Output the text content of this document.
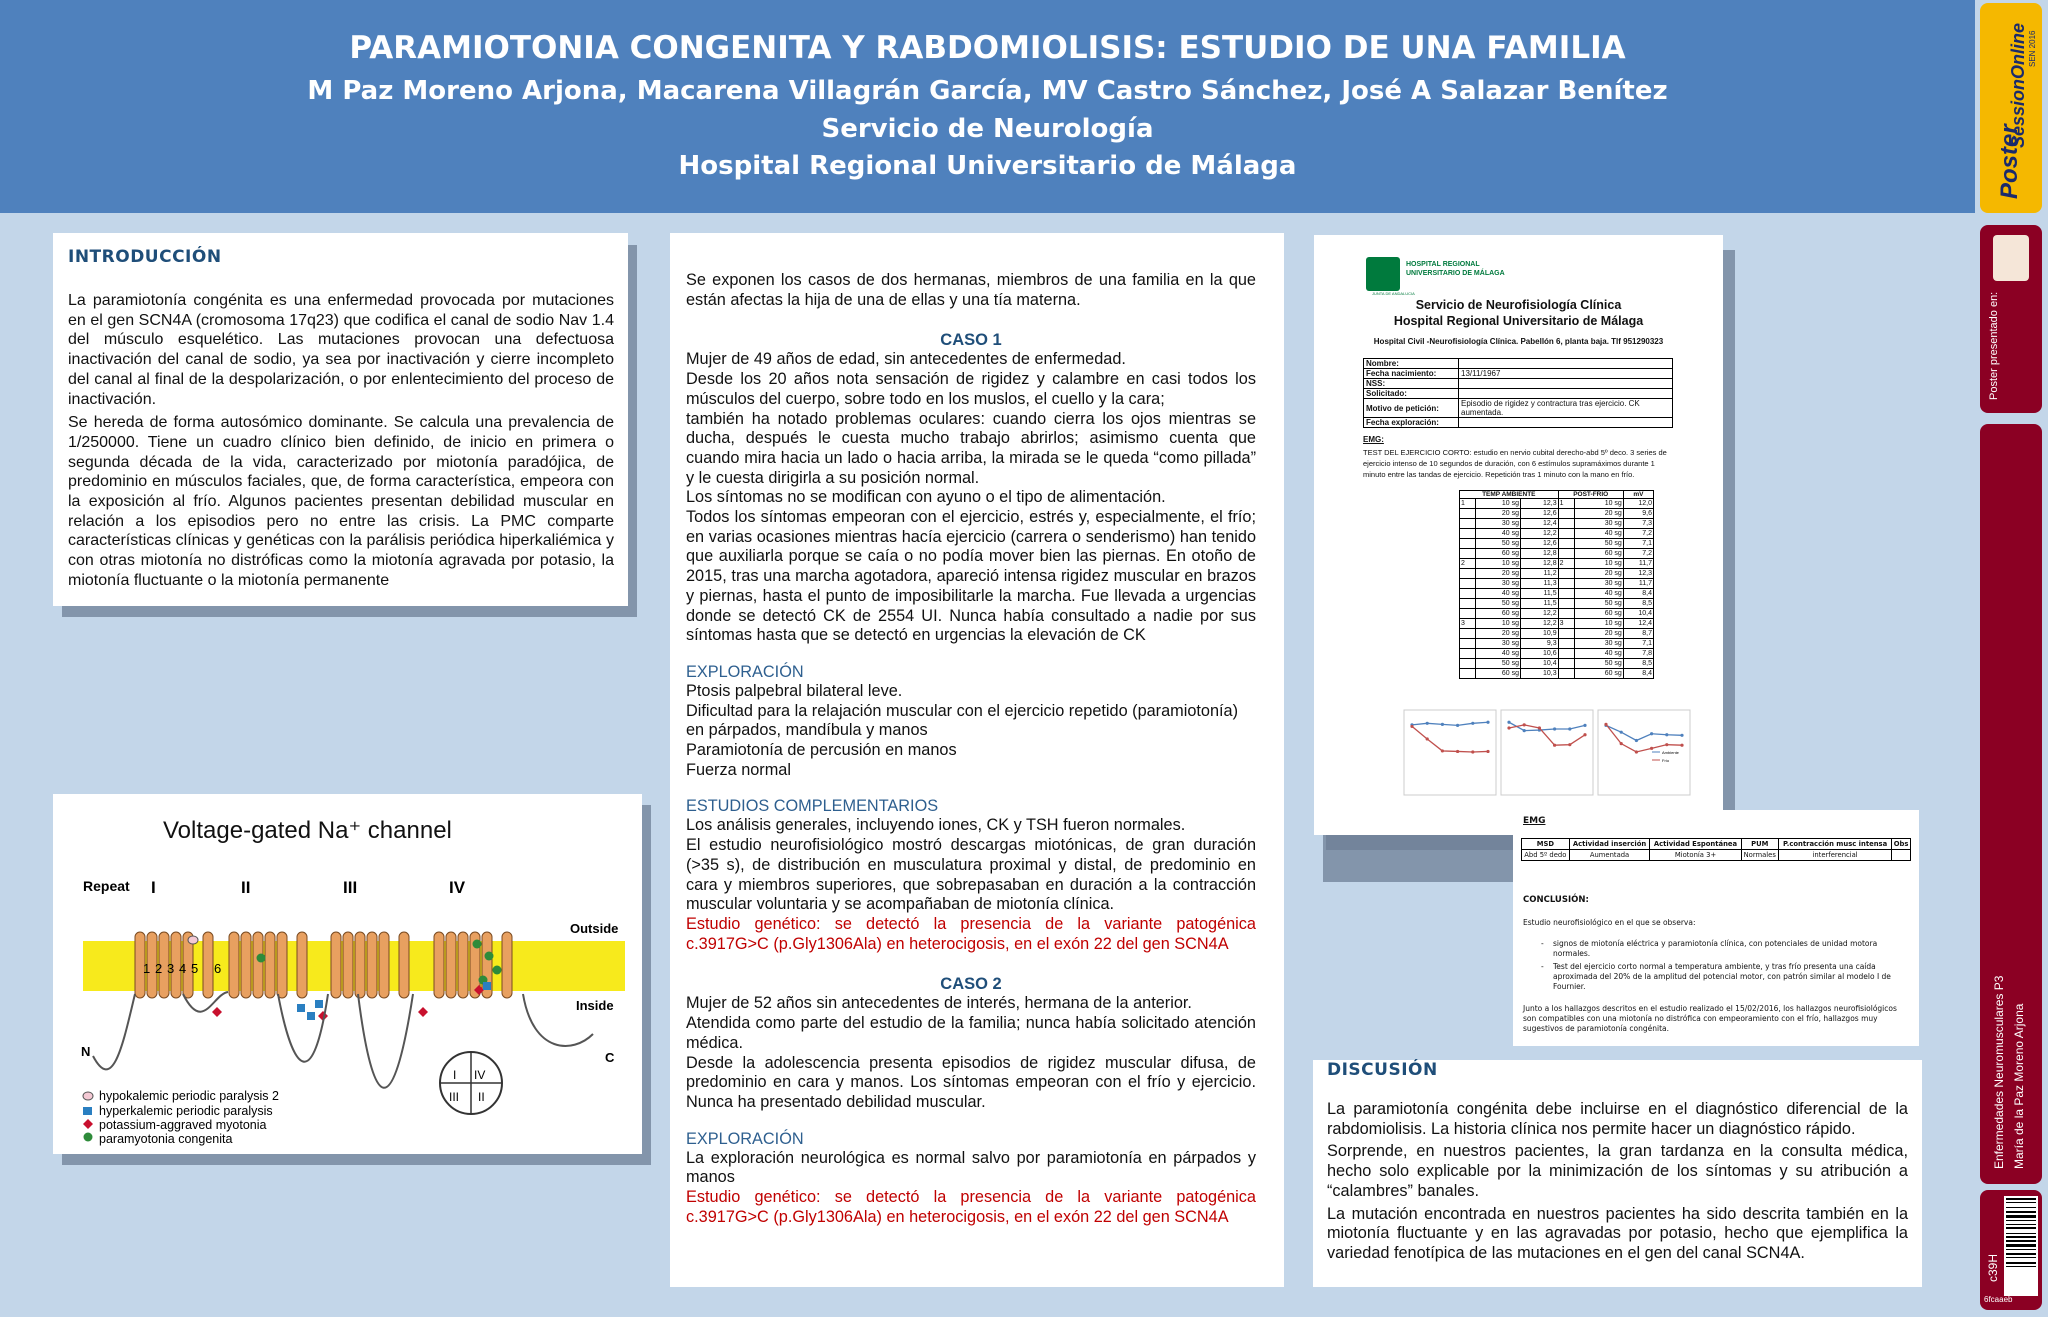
PARAMIOTONIA CONGENITA Y RABDOMIOLISIS: ESTUDIO DE UNA FAMILIA
M Paz Moreno Arjona, Macarena Villagrán García, MV Castro Sánchez, José A Salazar Benítez
Servicio de Neurología
Hospital Regional Universitario de Málaga
INTRODUCCIÓN

La paramiotonía congénita es una enfermedad provocada por mutaciones en el gen SCN4A (cromosoma 17q23) que codifica el canal de sodio Nav 1.4 del músculo esquelético. Las mutaciones provocan una defectuosa inactivación del canal de sodio, ya sea por inactivación y cierre incompleto del canal al final de la despolarización, o por enlentecimiento del proceso de inactivación.

Se hereda de forma autosómico dominante. Se calcula una prevalencia de 1/250000. Tiene un cuadro clínico bien definido, de inicio en primera o segunda década de la vida, caracterizado por miotonía paradójica, de predominio en músculos faciales, que, de forma característica, empeora con la exposición al frío. Algunos pacientes presentan debilidad muscular en relación a los episodios pero no entre las crisis. La PMC comparte características clínicas y genéticas con la parálisis periódica hiperkaliémica y con otras miotonía no distróficas como la miotonía agravada por potasio, la miotonía fluctuante o la miotonía permanente

Voltage-gated Na⁺ channel
Repeat I	II	III	IV
Outside
Inside
N	C
1 2 3 4 5 6
I IV
III II
hypokalemic periodic paralysis 2
hyperkalemic periodic paralysis
potassium-aggraved myotonia
paramyotonia congenita

Se exponen los casos de dos hermanas, miembros de una familia en la que están afectas la hija de una de ellas y una tía materna.

CASO 1

Mujer de 49 años de edad, sin antecedentes de enfermedad.
Desde los 20 años nota sensación de rigidez y calambre en casi todos los músculos del cuerpo, sobre todo en los muslos, el cuello y la cara;
también ha notado problemas oculares: cuando cierra los ojos mientras se ducha, después le cuesta mucho trabajo abrirlos; asimismo cuenta que cuando mira hacia un lado o hacia arriba, la mirada se le queda “como pillada” y le cuesta dirigirla a su posición normal.
Los síntomas no se modifican con ayuno o el tipo de alimentación.
Todos los síntomas empeoran con el ejercicio, estrés y, especialmente, el frío; en varias ocasiones mientras hacía ejercicio (carrera o senderismo) han tenido que auxiliarla porque se caía o no podía mover bien las piernas. En otoño de 2015, tras una marcha agotadora, apareció intensa rigidez muscular en brazos y piernas, hasta el punto de imposibilitarle la marcha. Fue llevada a urgencias donde se detectó CK de 2554 UI. Nunca había consultado a nadie por sus síntomas hasta que se detectó en urgencias la elevación de CK

EXPLORACIÓN

Ptosis palpebral bilateral leve.
Dificultad para la relajación muscular con el ejercicio repetido (paramiotonía) en párpados, mandíbula y manos
Paramiotonía de percusión en manos
Fuerza normal

ESTUDIOS COMPLEMENTARIOS

Los análisis generales, incluyendo iones, CK y TSH fueron normales.
El estudio neurofisiológico mostró descargas miotónicas, de gran duración (>35 s), de distribución en musculatura proximal y distal, de predominio en cara y miembros superiores, que sobrepasaban en duración a la contracción muscular voluntaria y se acompañaban de miotonía clínica.

Estudio genético: se detectó la presencia de la variante patogénica c.3917G>C (p.Gly1306Ala) en heterocigosis, en el exón 22 del gen SCN4A

CASO 2

Mujer de 52 años sin antecedentes de interés, hermana de la anterior.
Atendida como parte del estudio de la familia; nunca había solicitado atención médica.
Desde la adolescencia presenta episodios de rigidez muscular difusa, de predominio en cara y manos. Los síntomas empeoran con el frío y ejercicio. Nunca ha presentado debilidad muscular.

EXPLORACIÓN

La exploración neurológica es normal salvo por paramiotonía en párpados y manos

Estudio genético: se detectó la presencia de la variante patogénica c.3917G>C (p.Gly1306Ala) en heterocigosis, en el exón 22 del gen SCN4A

JUNTA DE ANDALUCIA
HOSPITAL REGIONAL
UNIVERSITARIO DE MÁLAGA
Servicio de Neurofisiología Clínica
Hospital Regional Universitario de Málaga
Hospital Civil -Neurofisiología Clínica. Pabellón 6, planta baja. Tlf 951290323
Nombre:	
Fecha nacimiento:	13/11/1967
NSS:	
Solicitado:	
Motivo de petición:	Episodio de rigidez y contractura tras ejercicio. CK aumentada.
Fecha exploración:	
EMG:
TEST DEL EJERCICIO CORTO: estudio en nervio cubital derecho-abd 5º deco. 3 series de ejercicio intenso de 10 segundos de duración, con 6 estímulos supramáximos durante 1 minuto entre las tandas de ejercicio. Repetición tras 1 minuto con la mano en frío.
TEMP AMBIENTE			POST-FRIO		mV
1	10 sg	12,3	1	10 sg	12,0
	20 sg	12,6		20 sg	9,6
	30 sg	12,4		30 sg	7,3
	40 sg	12,2		40 sg	7,2
	50 sg	12,6		50 sg	7,1
	60 sg	12,8		60 sg	7,2
2	10 sg	12,8	2	10 sg	11,7
	20 sg	11,2		20 sg	12,3
	30 sg	11,3		30 sg	11,7
	40 sg	11,5		40 sg	8,4
	50 sg	11,5		50 sg	8,5
	60 sg	12,2		60 sg	10,4
3	10 sg	12,2	3	10 sg	12,4
	20 sg	10,9		20 sg	8,7
	30 sg	9,3		30 sg	7,1
	40 sg	10,6		40 sg	7,8
	50 sg	10,4		50 sg	8,5
	60 sg	10,3		60 sg	8,4
Ambiente
Frío
EMG
MSD	Actividad inserción	Actividad Espontánea	PUM	P.contracción musc intensa	Obs
Abd 5º dedo	Aumentada	Miotonía 3+	Normales	interferencial	
CONCLUSIÓN:
Estudio neurofisiológico en el que se observa:
- signos de miotonía eléctrica y paramiotonía clínica, con potenciales de unidad motora normales.
- Test del ejercicio corto normal a temperatura ambiente, y tras frío presenta una caída aproximada del 20% de la amplitud del potencial motor, con patrón similar al modelo I de Fournier.
Junto a los hallazgos descritos en el estudio realizado el 15/02/2016, los hallazgos neurofisiológicos son compatibles con una miotonía no distrófica con empeoramiento con el frío, hallazgos muy sugestivos de paramiotonía congénita.
DISCUSIÓN

La paramiotonía congénita debe incluirse en el diagnóstico diferencial de la rabdomiolisis. La historia clínica nos permite hacer un diagnóstico rápido.

Sorprende, en nuestros pacientes, la gran tardanza en la consulta médica, hecho solo explicable por la minimización de los síntomas y su atribución a “calambres” banales.

La mutación encontrada en nuestros pacientes ha sido descrita también en la miotonía fluctuante y en las agravadas por potasio, hecho que ejemplifica la variedad fenotípica de las mutaciones en el gen del canal SCN4A.

Poster
SessionOnline SEN 2016
Poster presentado en:
Enfermedades Neuromusculares P3 María de la Paz Moreno Arjona
c39H
6fcaaeb
